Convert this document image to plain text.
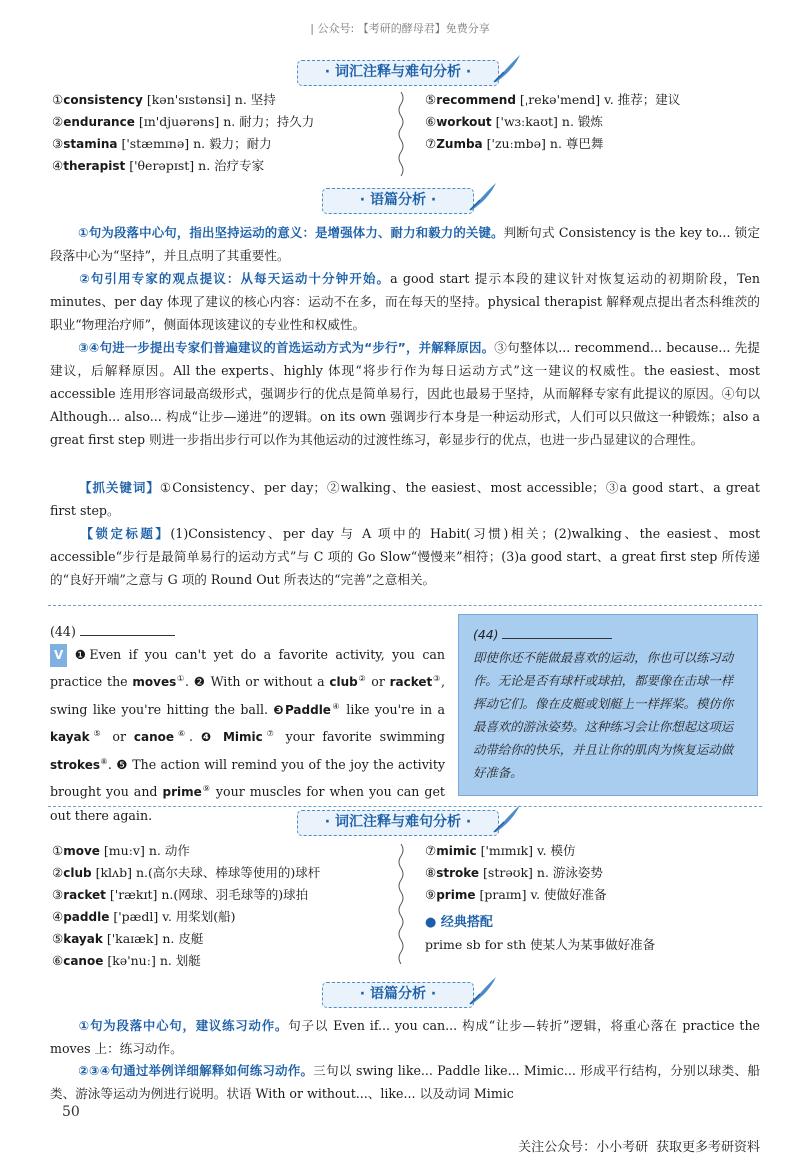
| 公众号: 【考研的酵母君】免费分享
· 词汇注释与难句分析 ·
①consistency [kən'sɪstənsi] n. 坚持
②endurance [ɪn'djuərəns] n. 耐力；持久力
③stamina ['stæmɪnə] n. 毅力；耐力
④therapist ['θerəpɪst] n. 治疗专家
⑤recommend [ˌrekə'mend] v. 推荐；建议
⑥workout ['wɜːkaʊt] n. 锻炼
⑦Zumba ['zuːmbə] n. 尊巴舞
· 语篇分析 ·
①句为段落中心句，指出坚持运动的意义：是增强体力、耐力和毅力的关键。判断句式 Consistency is the key to... 锁定段落中心为“坚持”，并且点明了其重要性。
②句引用专家的观点提议：从每天运动十分钟开始。a good start 提示本段的建议针对恢复运动的初期阶段，Ten minutes、per day 体现了建议的核心内容：运动不在多，而在每天的坚持。physical therapist 解释观点提出者杰科维茨的职业“物理治疗师”，侧面体现该建议的专业性和权威性。
③④句进一步提出专家们普遍建议的首选运动方式为“步行”，并解释原因。③句整体以... recommend... because... 先提建议，后解释原因。All the experts、highly 体现“将步行作为每日运动方式”这一建议的权威性。the easiest、most accessible 连用形容词最高级形式，强调步行的优点是简单易行，因此也最易于坚持，从而解释专家有此提议的原因。④句以 Although... also... 构成“让步—递进”的逻辑。on its own 强调步行本身是一种运动形式，人们可以只做这一种锻炼；also a great first step 则进一步指出步行可以作为其他运动的过渡性练习，彰显步行的优点，也进一步凸显建议的合理性。
【抓关键词】①Consistency、per day；②walking、the easiest、most accessible；③a good start、a great first step。
【锁定标题】(1)Consistency、per day 与 A 项中的 Habit(习惯)相关；(2)walking、the easiest、most accessible“步行是最简单易行的运动方式”与 C 项的 Go Slow“慢慢来”相符；(3)a good start、a great first step 所传递的“良好开端”之意与 G 项的 Round Out 所表达的“完善”之意相关。
(44)
V ❶Even if you can't yet do a favorite activity, you can practice the moves①. ❷ With or without a club② or racket③, swing like you're hitting the ball. ❸Paddle④ like you're in a kayak⑤ or canoe⑥. ❹ Mimic⑦ your favorite swimming strokes⑧. ❺ The action will remind you of the joy the activity brought you and prime⑨ your muscles for when you can get out there again.
(44)
即使你还不能做最喜欢的运动，你也可以练习动作。无论是否有球杆或球拍，都要像在击球一样挥动它们。像在皮艇或划艇上一样挥桨。模仿你最喜欢的游泳姿势。这种练习会让你想起这项运动带给你的快乐，并且让你的肌肉为恢复运动做好准备。
· 词汇注释与难句分析 ·
①move [muːv] n. 动作
②club [klʌb] n.(高尔夫球、棒球等使用的)球杆
③racket ['rækɪt] n.(网球、羽毛球等的)球拍
④paddle ['pædl] v. 用桨划(船)
⑤kayak ['kaɪæk] n. 皮艇
⑥canoe [kə'nuː] n. 划艇
⑦mimic ['mɪmɪk] v. 模仿
⑧stroke [strəʊk] n. 游泳姿势
⑨prime [praɪm] v. 使做好准备
● 经典搭配
prime sb for sth 使某人为某事做好准备
· 语篇分析 ·
①句为段落中心句，建议练习动作。句子以 Even if... you can... 构成“让步—转折”逻辑，将重心落在 practice the moves 上：练习动作。
②③④句通过举例详细解释如何练习动作。三句以 swing like... Paddle like... Mimic... 形成平行结构，分别以球类、船类、游泳等运动为例进行说明。状语 With or without...、like... 以及动词 Mimic
50
关注公众号：小小考研 获取更多考研资料
